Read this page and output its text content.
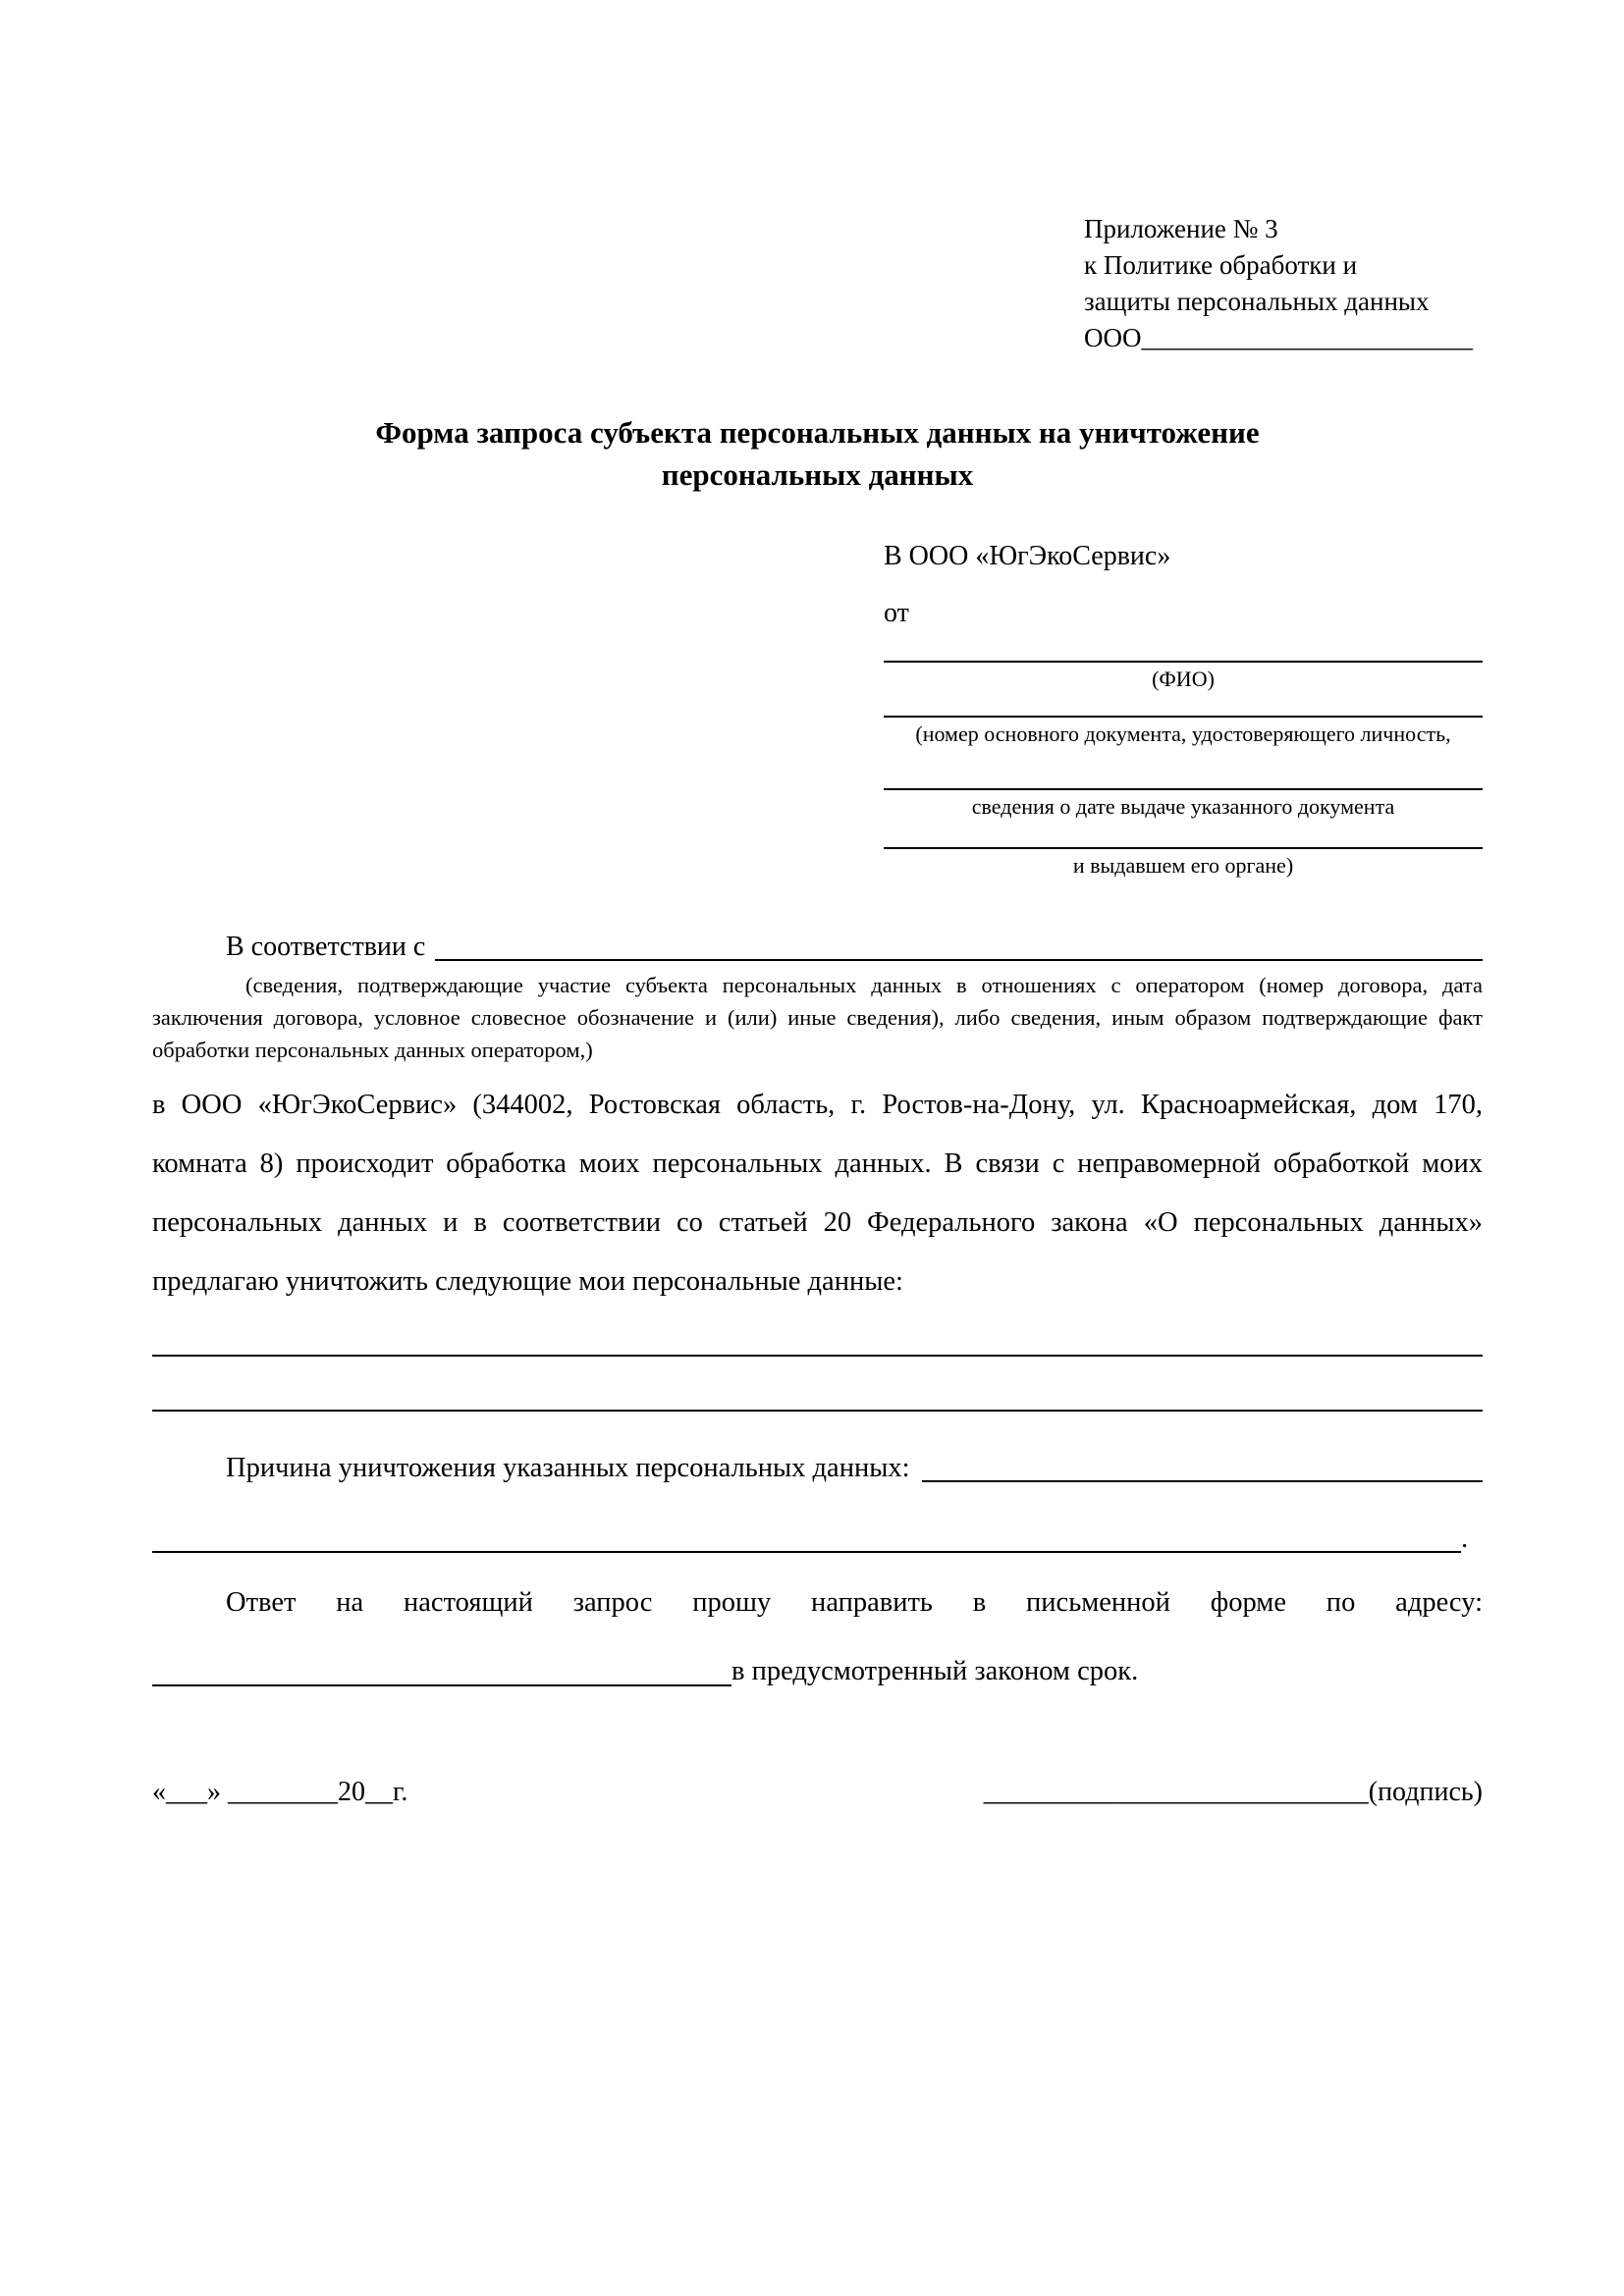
Приложение № 3
к Политике обработки и
защиты персональных данных
ООО_________________________
Форма запроса субъекта персональных данных на уничтожение персональных данных
В ООО «ЮгЭкоСервис»
от
(ФИО)
(номер основного документа, удостоверяющего личность,
сведения о дате выдаче указанного документа
и выдавшем его органе)
В соответствии с

(сведения, подтверждающие участие субъекта персональных данных в отношениях с оператором (номер договора, дата заключения договора, условное словесное обозначение и (или) иные сведения), либо сведения, иным образом подтверждающие факт обработки персональных данных оператором,)

в ООО «ЮгЭкоСервис» (344002, Ростовская область, г. Ростов-на-Дону, ул. Красноармейская, дом 170, комната 8) происходит обработка моих персональных данных. В связи с неправомерной обработкой моих персональных данных и в соответствии со статьей 20 Федерального закона «О персональных данных» предлагаю уничтожить следующие мои персональные данные:

Причина уничтожения указанных персональных данных:
.

Ответ на настоящий запрос прошу направить в письменной форме по адресу:

в предусмотренный законом срок.
«___» ________20__г.	____________________________(подпись)
